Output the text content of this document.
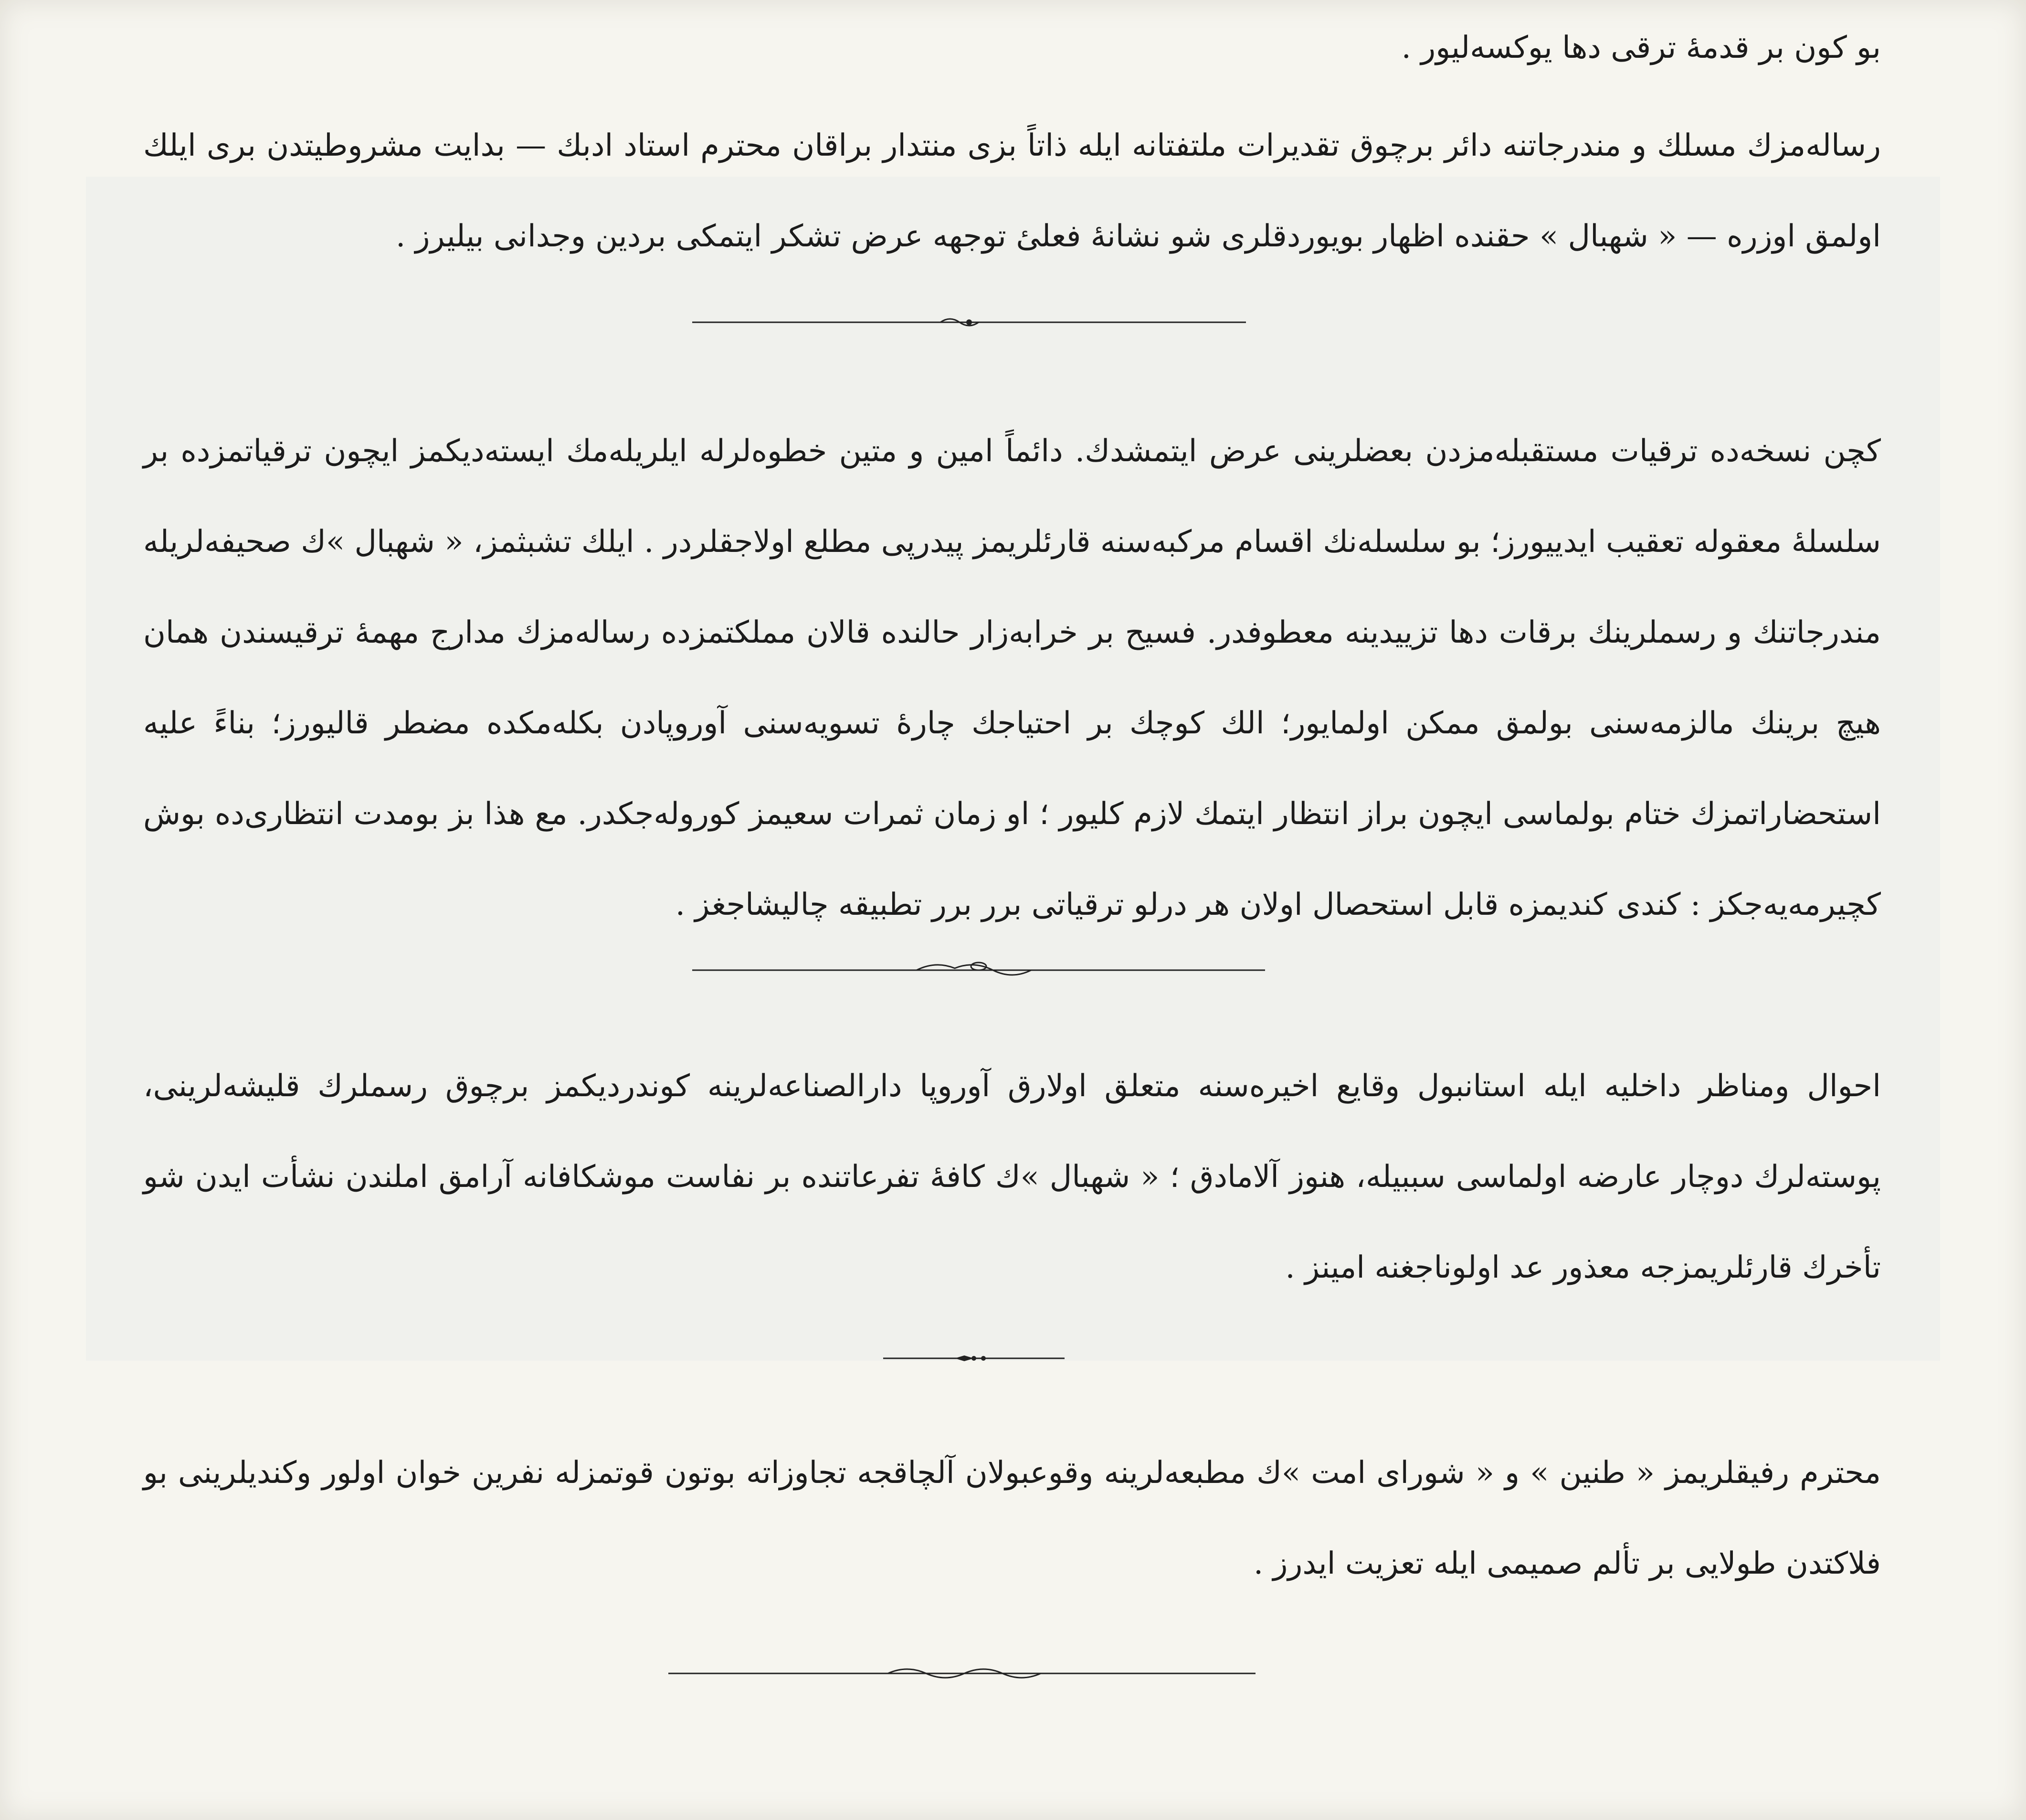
بو كون بر قدمهٔ ترقی دها يوكسه‌ليور .

رساله‌مزك مسلك و مندرجاتنه دائر برچوق تقديرات ملتفتانه ايله ذاتاً بزی منتدار براقان محترم استاد ادبك — بدايت مشروطيتدن بری ايلك اولمق اوزره — « شهبال » حقنده اظهار بويوردقلری شو نشانهٔ فعلیٔ توجهه عرض تشكر ايتمكی بردين وجدانی بيليرز .

كچن نسخه‌ده ترقيات مستقبله‌مزدن بعضلرينی عرض ايتمشدك. دائماً امين و متين خطوه‌لرله ايلريله‌مك ايسته‌ديكمز ايچون ترقياتمزده بر سلسلهٔ معقوله تعقيب ايدييورز؛ بو سلسله‌نك اقسام مركبه‌سنه قارئلريمز پيدرپی مطلع اولاجقلردر . ايلك تشبثمز، « شهبال »ك صحيفه‌لريله مندرجاتنك و رسملرينك برقات دها تزييدينه معطوفدر. فسيح بر خرابه‌زار حالنده قالان مملكتمزده رساله‌مزك مدارج مهمهٔ ترقيسندن همان هيچ برينك مالزمه‌سنی بولمق ممكن اولمايور؛ الك كوچك بر احتياجك چارهٔ تسويه‌سنی آوروپادن بكله‌مكده مضطر قاليورز؛ بناءً عليه استحضاراتمزك ختام بولماسی ايچون براز انتظار ايتمك لازم كليور ؛ او زمان ثمرات سعيمز كوروله‌جكدر. مع هذا بز بومدت انتظاری‌ده بوش كچيرمه‌يه‌جكز : كندی كنديمزه قابل استحصال اولان هر درلو ترقياتی برر برر تطبيقه چاليشاجغز .

احوال ومناظر داخليه ايله استانبول وقايع اخيره‌سنه متعلق اولارق آوروپا دارالصناعه‌لرينه كوندرديكمز برچوق رسملرك قليشه‌لرينی، پوسته‌لرك دوچار عارضه اولماسی سببيله، هنوز آلامادق ؛ « شهبال »ك كافهٔ تفرعاتنده بر نفاست موشكافانه آرامق املندن نشأت ايدن شو تأخرك قارئلريمزجه معذور عد اولوناجغنه امينز .

محترم رفيقلريمز « طنين » و « شورای امت »ك مطبعه‌لرينه وقوعبولان آلچاقجه تجاوزاته بوتون قوتمزله نفرين خوان اولور وكنديلرينی بو فلاكتدن طولايی بر تألم صميمی ايله تعزيت ايدرز .
